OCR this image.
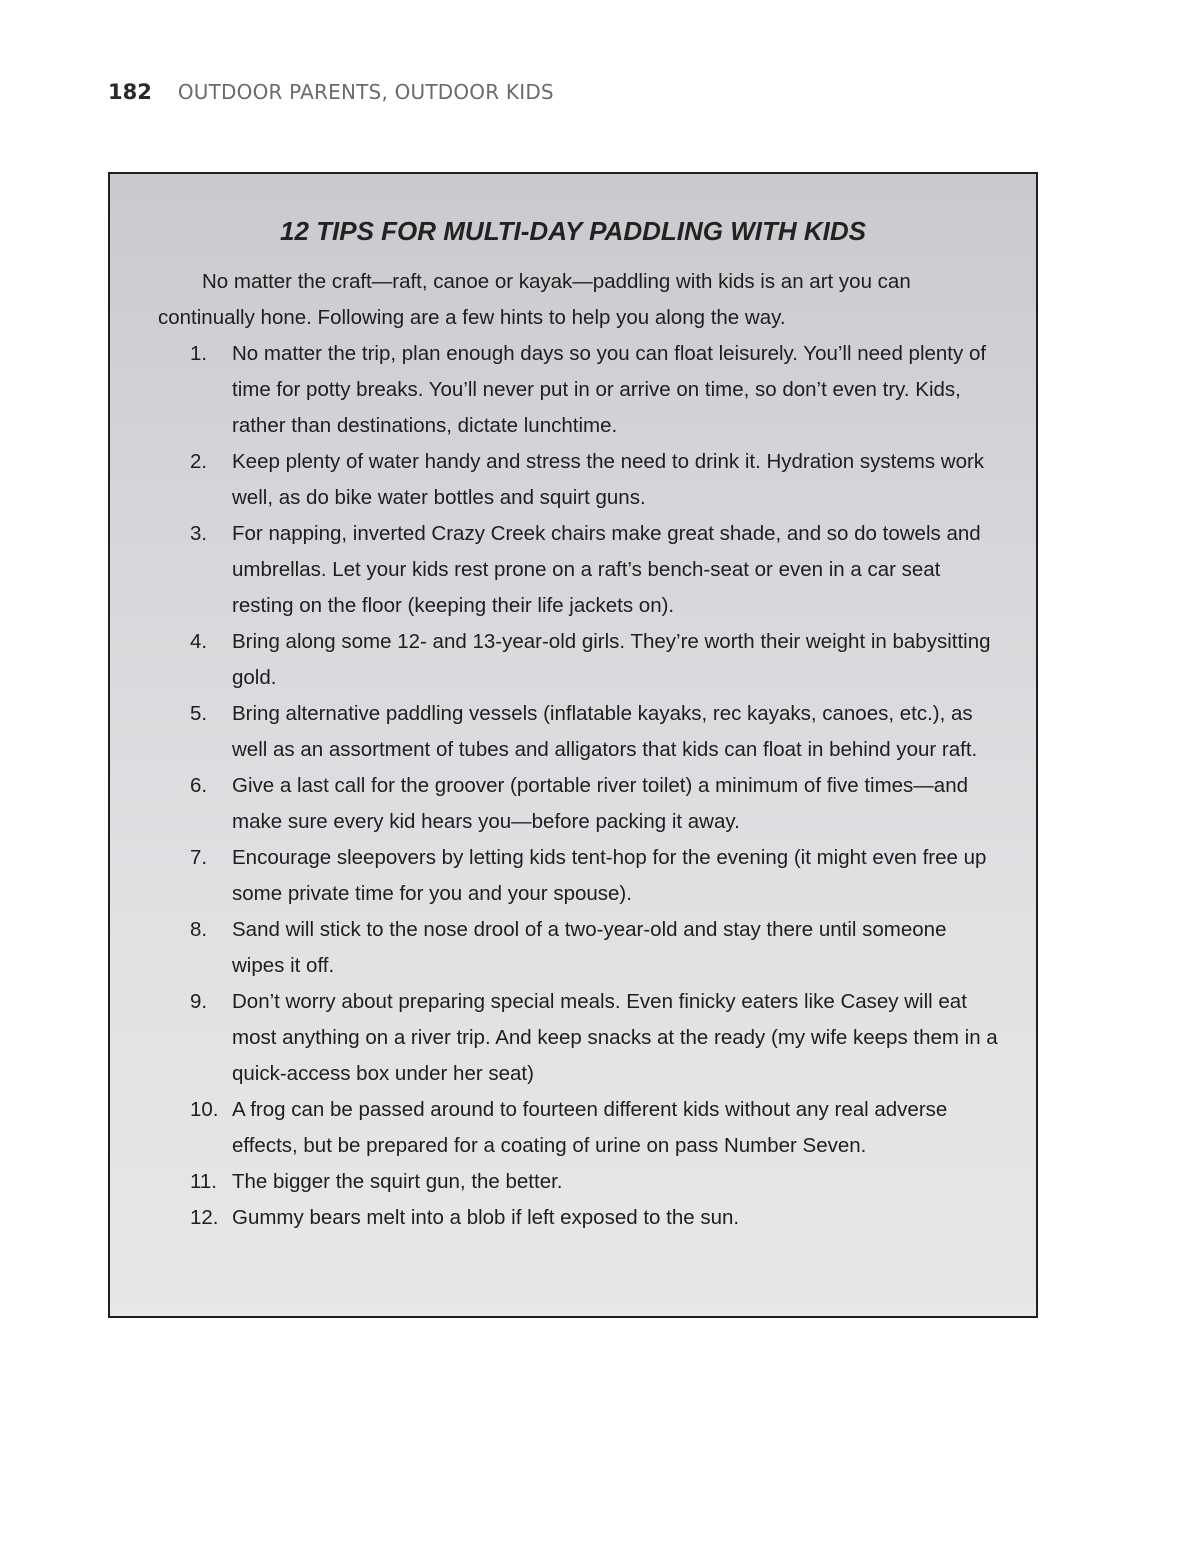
182 OUTDOOR PARENTS, OUTDOOR KIDS
12 TIPS FOR MULTI-DAY PADDLING WITH KIDS

No matter the craft—raft, canoe or kayak—paddling with kids is an art you can continually hone. Following are a few hints to help you along the way.

1.	No matter the trip, plan enough days so you can float leisurely. You’ll need plenty of time for potty breaks. You’ll never put in or arrive on time, so don’t even try. Kids, rather than destinations, dictate lunchtime.
2.	Keep plenty of water handy and stress the need to drink it. Hydration systems work well, as do bike water bottles and squirt guns.
3.	For napping, inverted Crazy Creek chairs make great shade, and so do towels and umbrellas. Let your kids rest prone on a raft’s bench-seat or even in a car seat resting on the floor (keeping their life jackets on).
4.	Bring along some 12- and 13-year-old girls. They’re worth their weight in babysitting gold.
5.	Bring alternative paddling vessels (inflatable kayaks, rec kayaks, canoes, etc.), as well as an assortment of tubes and alligators that kids can float in behind your raft.
6.	Give a last call for the groover (portable river toilet) a minimum of five times—and make sure every kid hears you—before packing it away.
7.	Encourage sleepovers by letting kids tent-hop for the evening (it might even free up some private time for you and your spouse).
8.	Sand will stick to the nose drool of a two-year-old and stay there until someone wipes it off.
9.	Don’t worry about preparing special meals. Even finicky eaters like Casey will eat most anything on a river trip. And keep snacks at the ready (my wife keeps them in a quick-access box under her seat)
10. A frog can be passed around to fourteen different kids without any real adverse effects, but be prepared for a coating of urine on pass Number Seven.
11. The bigger the squirt gun, the better.
12. Gummy bears melt into a blob if left exposed to the sun.
